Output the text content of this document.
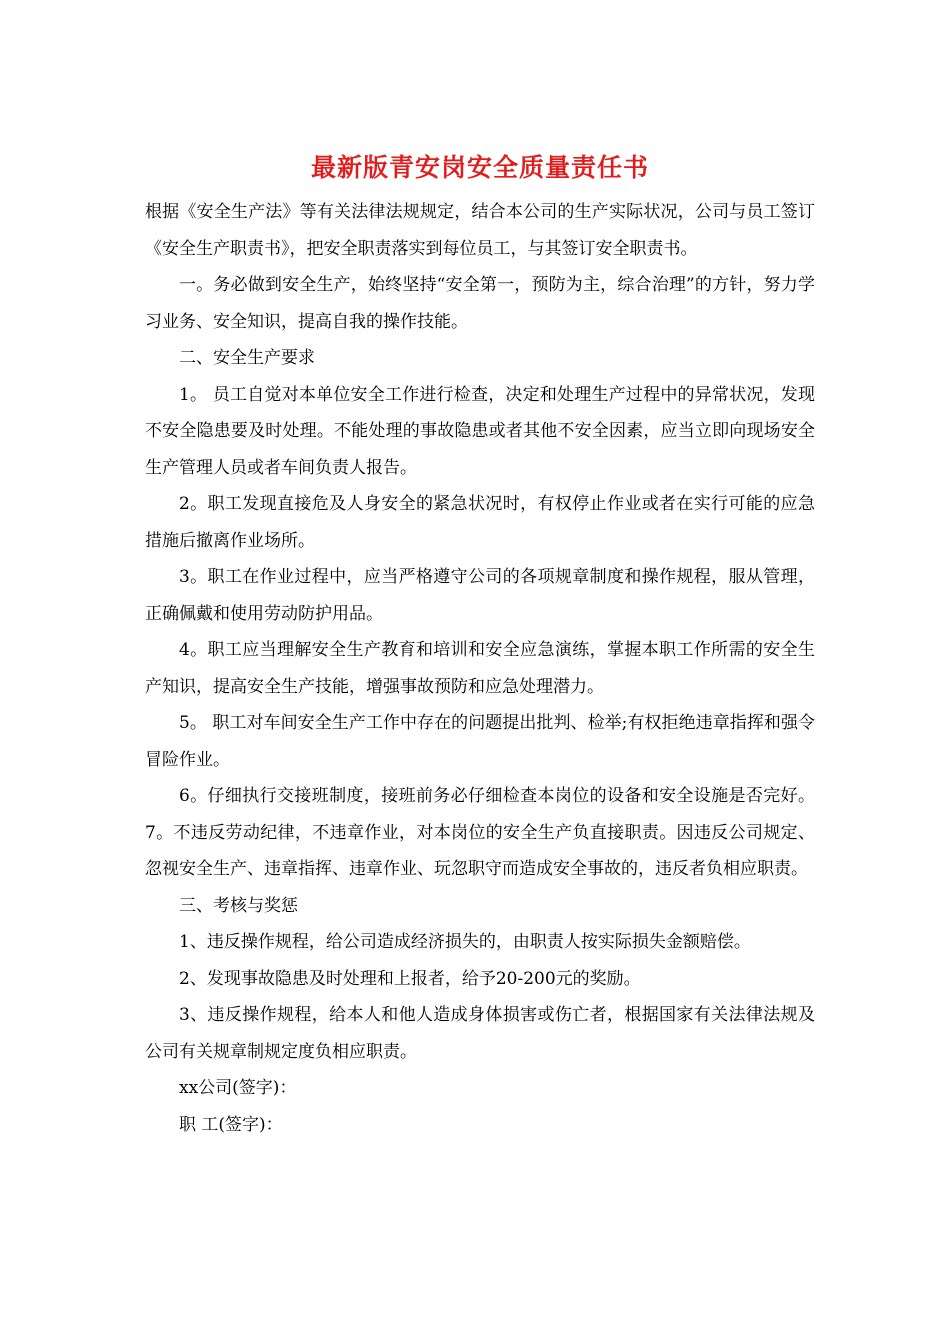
最新版青安岗安全质量责任书

根据《安全生产法》等有关法律法规规定，结合本公司的生产实际状况，公司与员工签订《安全生产职责书》，把安全职责落实到每位员工，与其签订安全职责书。

一。务必做到安全生产，始终坚持“安全第一，预防为主，综合治理”的方针，努力学习业务、安全知识，提高自我的操作技能。

二、安全生产要求

1。 员工自觉对本单位安全工作进行检查，决定和处理生产过程中的异常状况，发现不安全隐患要及时处理。不能处理的事故隐患或者其他不安全因素，应当立即向现场安全生产管理人员或者车间负责人报告。

2。职工发现直接危及人身安全的紧急状况时，有权停止作业或者在实行可能的应急措施后撤离作业场所。

3。职工在作业过程中，应当严格遵守公司的各项规章制度和操作规程，服从管理，正确佩戴和使用劳动防护用品。

4。职工应当理解安全生产教育和培训和安全应急演练，掌握本职工作所需的安全生产知识，提高安全生产技能，增强事故预防和应急处理潜力。

5。 职工对车间安全生产工作中存在的问题提出批判、检举;有权拒绝违章指挥和强令冒险作业。

6。仔细执行交接班制度，接班前务必仔细检查本岗位的设备和安全设施是否完好。 7。不违反劳动纪律，不违章作业，对本岗位的安全生产负直接职责。因违反公司规定、忽视安全生产、违章指挥、违章作业、玩忽职守而造成安全事故的，违反者负相应职责。

三、考核与奖惩

1、违反操作规程，给公司造成经济损失的，由职责人按实际损失金额赔偿。

2、发现事故隐患及时处理和上报者，给予20-200元的奖励。

3、违反操作规程，给本人和他人造成身体损害或伤亡者，根据国家有关法律法规及公司有关规章制规定度负相应职责。

xx公司(签字)：

职 工(签字)：
